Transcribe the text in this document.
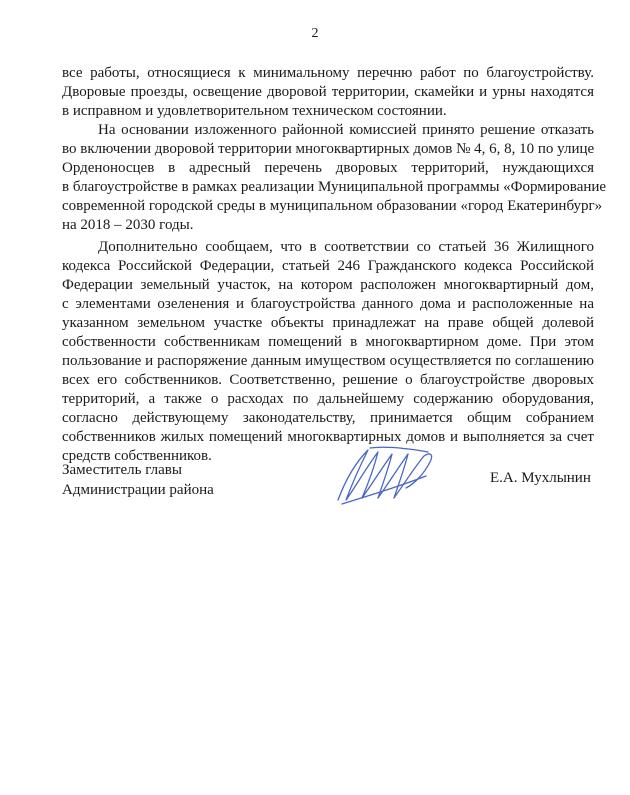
2
все работы, относящиеся к минимальному перечню работ по благоустройству.
Дворовые проезды, освещение дворовой территории, скамейки и урны находятся
в исправном и удовлетворительном техническом состоянии.
На основании изложенного районной комиссией принято решение отказать
во включении дворовой территории многоквартирных домов № 4, 6, 8, 10 по улице
Орденоносцев в адресный перечень дворовых территорий, нуждающихся
в благоустройстве в рамках реализации Муниципальной программы «Формирование
современной городской среды в муниципальном образовании «город Екатеринбург»
на 2018 – 2030 годы.
Дополнительно сообщаем, что в соответствии со статьей 36 Жилищного
кодекса Российской Федерации, статьей 246 Гражданского кодекса Российской
Федерации земельный участок, на котором расположен многоквартирный дом,
с элементами озеленения и благоустройства данного дома и расположенные на
указанном земельном участке объекты принадлежат на праве общей долевой
собственности собственникам помещений в многоквартирном доме. При этом
пользование и распоряжение данным имуществом осуществляется по соглашению
всех его собственников. Соответственно, решение о благоустройстве дворовых
территорий, а также о расходах по дальнейшему содержанию оборудования,
согласно действующему законодательству, принимается общим собранием
собственников жилых помещений многоквартирных домов и выполняется за счет
средств собственников.
Заместитель главы
Администрации района
Е.А. Мухлынин
